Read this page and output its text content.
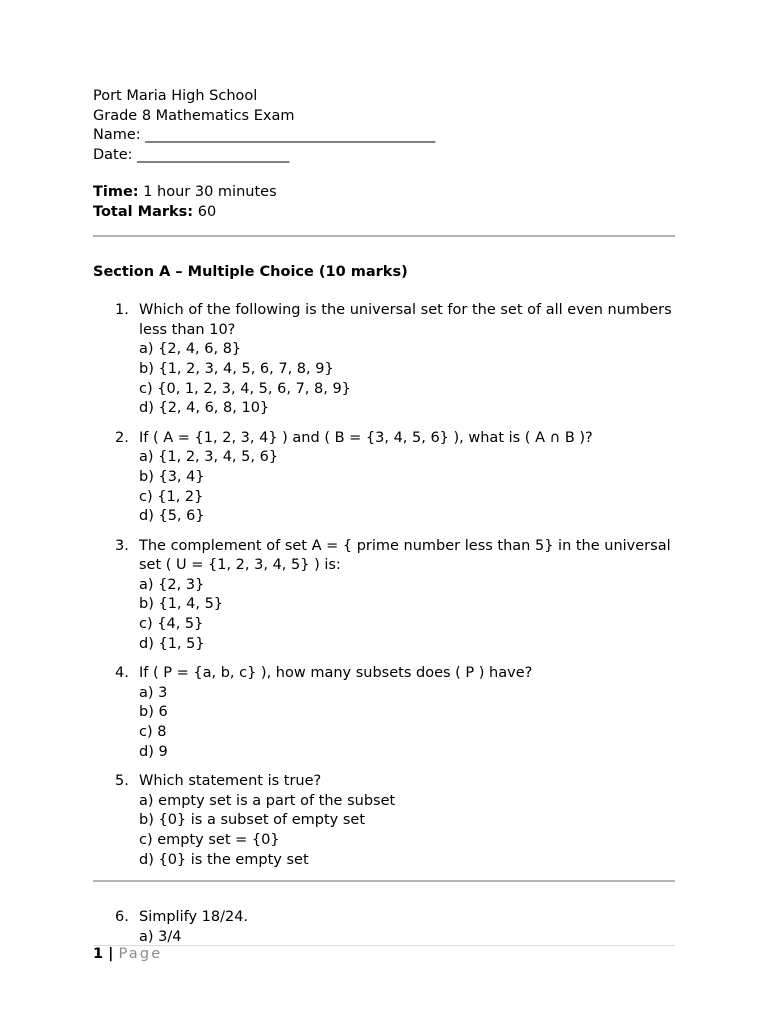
Port Maria High School
Grade 8 Mathematics Exam
Name: ________________________________________
Date: _____________________
Time: 1 hour 30 minutes
Total Marks: 60
Section A – Multiple Choice (10 marks)
1. Which of the following is the universal set for the set of all even numbers less than 10?
a) {2, 4, 6, 8}
b) {1, 2, 3, 4, 5, 6, 7, 8, 9}
c) {0, 1, 2, 3, 4, 5, 6, 7, 8, 9}
d) {2, 4, 6, 8, 10}
2. If ( A = {1, 2, 3, 4} ) and ( B = {3, 4, 5, 6} ), what is ( A ∩ B )?
a) {1, 2, 3, 4, 5, 6}
b) {3, 4}
c) {1, 2}
d) {5, 6}
3. The complement of set A = { prime number less than 5} in the universal set ( U = {1, 2, 3, 4, 5} ) is:
a) {2, 3}
b) {1, 4, 5}
c) {4, 5}
d) {1, 5}
4. If ( P = {a, b, c} ), how many subsets does ( P ) have?
a) 3
b) 6
c) 8
d) 9
5. Which statement is true?
a) empty set is a part of the subset
b) {0} is a subset of empty set
c) empty set = {0}
d) {0} is the empty set
6. Simplify 18/24.
a) 3/4
1 | Page
